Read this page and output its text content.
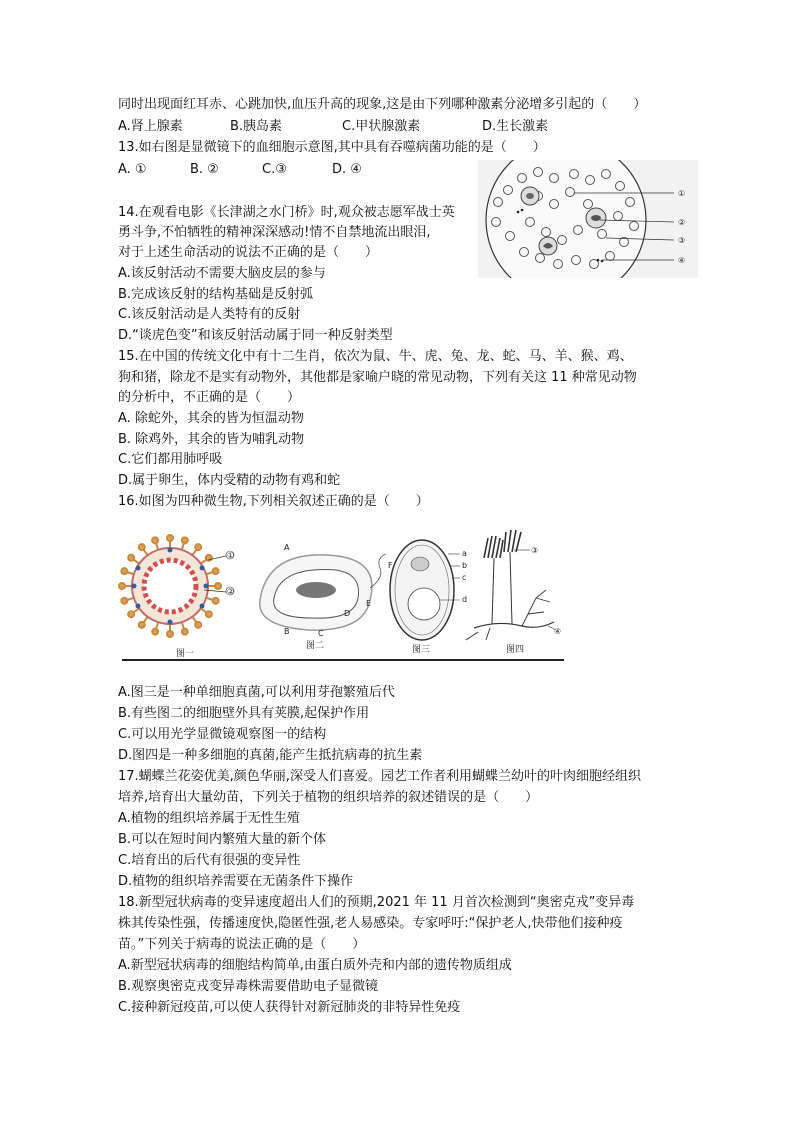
同时出现面红耳赤、心跳加快,血压升高的现象,这是由下列哪种激素分泌增多引起的（　　）
A.肾上腺素	B.胰岛素	C.甲状腺激素	D.生长激素
13.如右图是显微镜下的血细胞示意图,其中具有吞噬病菌功能的是（　　）
A. ①	B. ②	C.③	D. ④
①
②
③
④
14.在观看电影《长津湖之水门桥》时,观众被志愿军战士英
勇斗争,不怕牺牲的精神深深感动!情不自禁地流出眼泪,
对于上述生命活动的说法不正确的是（　　）
A.该反射活动不需要大脑皮层的参与
B.完成该反射的结构基础是反射弧
C.该反射活动是人类特有的反射
D.“谈虎色变”和该反射活动属于同一种反射类型
15.在中国的传统文化中有十二生肖，依次为鼠、牛、虎、兔、龙、蛇、马、羊、猴、鸡、
狗和猪，除龙不是实有动物外，其他都是家喻户晓的常见动物，下列有关这 11 种常见动物
的分析中，不正确的是（　　）
A. 除蛇外，其余的皆为恒温动物
B. 除鸡外，其余的皆为哺乳动物
C.它们都用肺呼吸
D.属于卵生，体内受精的动物有鸡和蛇
16.如图为四种微生物,下列相关叙述正确的是（　　）
①
②
A
B	C
D
E
F
a
b
c
d
③
④
图一
图二	图三	图四
A.图三是一种单细胞真菌,可以利用芽孢繁殖后代
B.有些图二的细胞壁外具有荚膜,起保护作用
C.可以用光学显微镜观察图一的结构
D.图四是一种多细胞的真菌,能产生抵抗病毒的抗生素
17.蝴蝶兰花姿优美,颜色华丽,深受人们喜爱。园艺工作者利用蝴蝶兰幼叶的叶肉细胞经组织
培养,培育出大量幼苗，下列关于植物的组织培养的叙述错误的是（　　）
A.植物的组织培养属于无性生殖
B.可以在短时间内繁殖大量的新个体
C.培育出的后代有很强的变异性
D.植物的组织培养需要在无菌条件下操作
18.新型冠状病毒的变异速度超出人们的预期,2021 年 11 月首次检测到“奥密克戎”变异毒
株其传染性强，传播速度快,隐匿性强,老人易感染。专家呼吁:“保护老人,快带他们接种疫
苗。”下列关于病毒的说法正确的是（　　）
A.新型冠状病毒的细胞结构简单,由蛋白质外壳和内部的遗传物质组成
B.观察奥密克戎变异毒株需要借助电子显微镜
C.接种新冠疫苗,可以使人获得针对新冠肺炎的非特异性免疫
